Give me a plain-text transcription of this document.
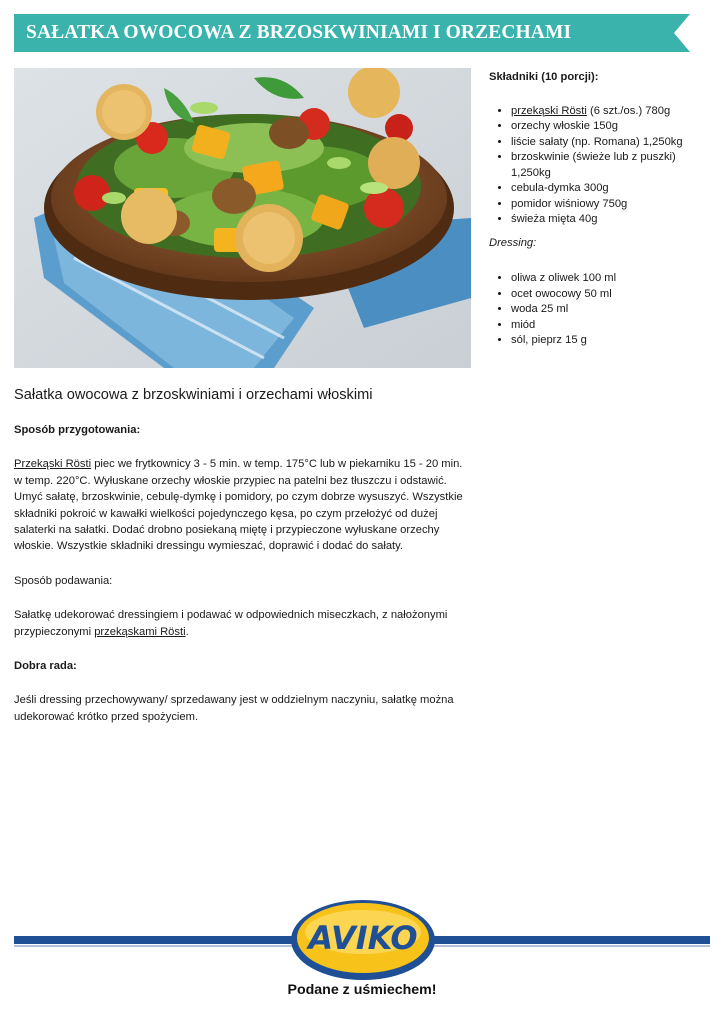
SAŁATKA OWOCOWA Z BRZOSKWINIAMI I ORZECHAMI
Składniki (10 porcji):
• przekąski Rösti (6 szt./os.) 780g
• orzechy włoskie 150g
• liście sałaty (np. Romana) 1,250kg
• brzoskwinie (świeże lub z puszki) 1,250kg
• cebula-dymka 300g
• pomidor wiśniowy 750g
• świeża mięta 40g
Dressing:
• oliwa z oliwek 100 ml
• ocet owocowy 50 ml
• woda 25 ml
• miód
• sól, pieprz 15 g
Sałatka owocowa z brzoskwiniami i orzechami włoskimi
Sposób przygotowania:

Przekąski Rösti piec we frytkownicy 3 - 5 min. w temp. 175°C lub w piekarniku 15 - 20 min. w temp. 220°C. Wyłuskane orzechy włoskie przypiec na patelni bez tłuszczu i odstawić. Umyć sałatę, brzoskwinie, cebulę-dymkę i pomidory, po czym dobrze wysuszyć. Wszystkie składniki pokroić w kawałki wielkości pojedynczego kęsa, po czym przełożyć od dużej salaterki na sałatki. Dodać drobno posiekaną miętę i przypieczone wyłuskane orzechy włoskie. Wszystkie składniki dressingu wymieszać, doprawić i dodać do sałaty.

Sposób podawania:

Sałatkę udekorować dressingiem i podawać w odpowiednich miseczkach, z nałożonymi przypieczonymi przekąskami Rösti.

Dobra rada:

Jeśli dressing przechowywany/ sprzedawany jest w oddzielnym naczyniu, sałatkę można udekorować krótko przed spożyciem.

AVIKO
Podane z uśmiechem!
